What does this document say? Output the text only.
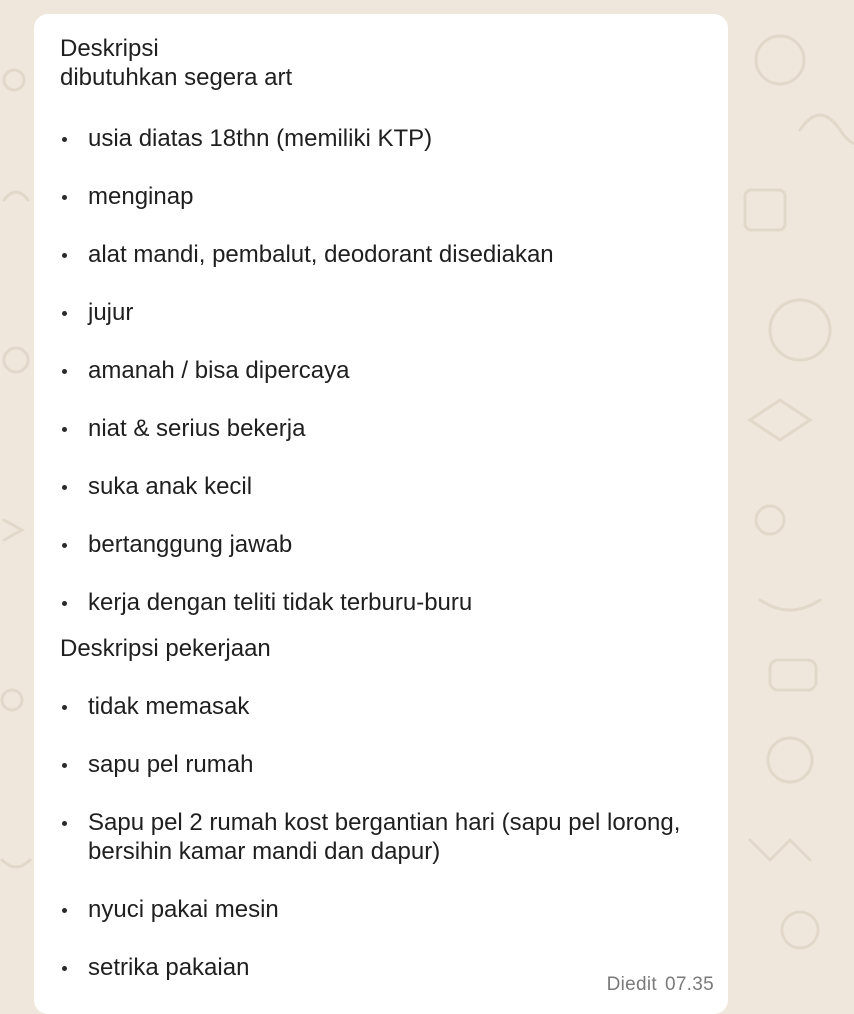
Deskripsi

dibutuhkan segera art

usia diatas 18thn (memiliki KTP)
menginap
alat mandi, pembalut, deodorant disediakan
jujur
amanah / bisa dipercaya
niat & serius bekerja
suka anak kecil
bertanggung jawab
kerja dengan teliti tidak terburu-buru

Deskripsi pekerjaan

tidak memasak
sapu pel rumah
Sapu pel 2 rumah kost bergantian hari (sapu pel lorong, bersihin kamar mandi dan dapur)
nyuci pakai mesin
setrika pakaian
Diedit 07.35
